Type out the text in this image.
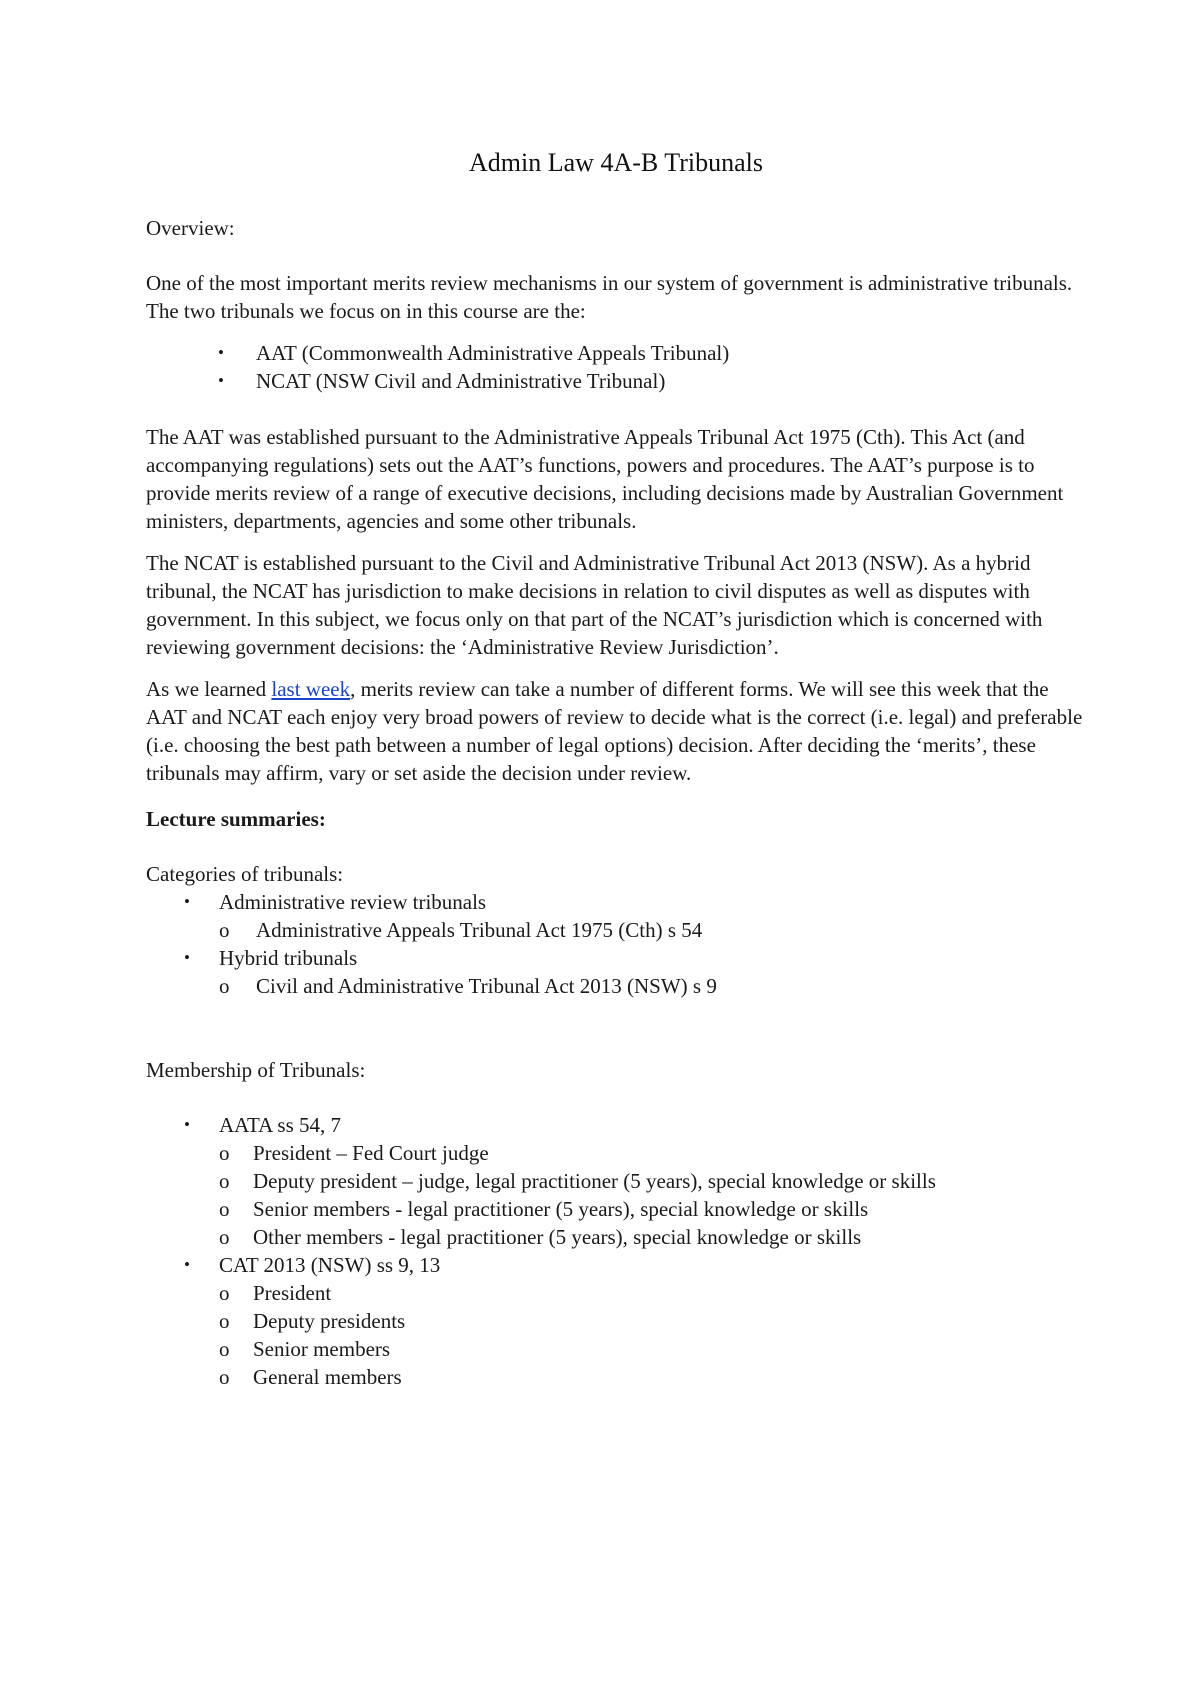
Admin Law 4A-B Tribunals

Overview:

One of the most important merits review mechanisms in our system of government is administrative tribunals. The two tribunals we focus on in this course are the:

• AAT (Commonwealth Administrative Appeals Tribunal)
• NCAT (NSW Civil and Administrative Tribunal)

The AAT was established pursuant to the Administrative Appeals Tribunal Act 1975 (Cth). This Act (and accompanying regulations) sets out the AAT’s functions, powers and procedures. The AAT’s purpose is to provide merits review of a range of executive decisions, including decisions made by Australian Government ministers, departments, agencies and some other tribunals.

The NCAT is established pursuant to the Civil and Administrative Tribunal Act 2013 (NSW). As a hybrid tribunal, the NCAT has jurisdiction to make decisions in relation to civil disputes as well as disputes with government. In this subject, we focus only on that part of the NCAT’s jurisdiction which is concerned with reviewing government decisions: the ‘Administrative Review Jurisdiction’.

As we learned last week, merits review can take a number of different forms. We will see this week that the AAT and NCAT each enjoy very broad powers of review to decide what is the correct (i.e. legal) and preferable (i.e. choosing the best path between a number of legal options) decision. After deciding the ‘merits’, these tribunals may affirm, vary or set aside the decision under review.

Lecture summaries:

Categories of tribunals:

• Administrative review tribunals
o Administrative Appeals Tribunal Act 1975 (Cth) s 54
• Hybrid tribunals
o Civil and Administrative Tribunal Act 2013 (NSW) s 9

Membership of Tribunals:

• AATA ss 54, 7
o President – Fed Court judge
o Deputy president – judge, legal practitioner (5 years), special knowledge or skills
o Senior members - legal practitioner (5 years), special knowledge or skills
o Other members - legal practitioner (5 years), special knowledge or skills
• CAT 2013 (NSW) ss 9, 13
o President
o Deputy presidents
o Senior members
o General members
